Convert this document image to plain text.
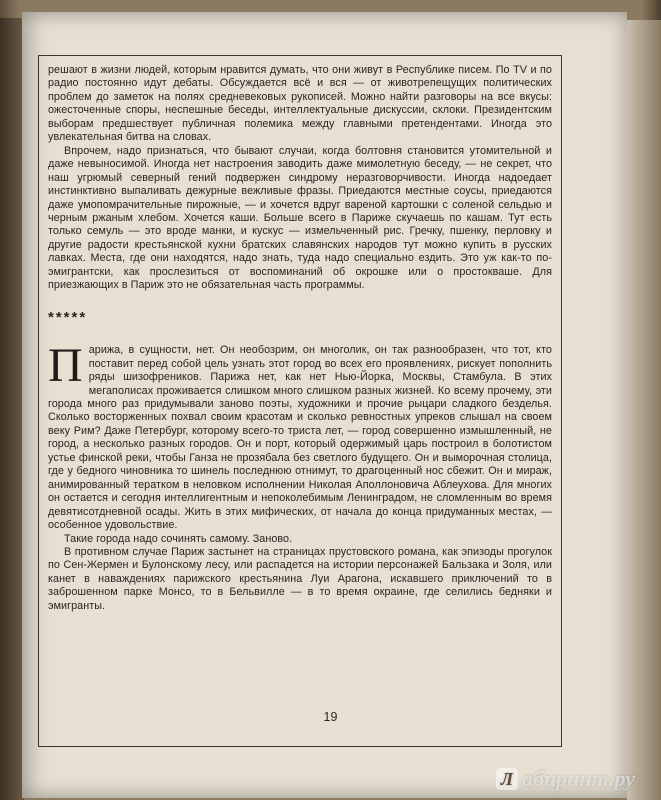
решают в жизни людей, которым нравится думать, что они живут в Республике писем. По TV и по радио постоянно идут дебаты. Обсуждается всё и вся — от животрепещущих политических проблем до заметок на полях средневековых рукописей. Можно найти разговоры на все вкусы: ожесточенные споры, неспешные беседы, интеллектуальные дискуссии, склоки. Президентским выборам предшествует публичная полемика между главными претендентами. Иногда это увлекательная битва на словах.

Впрочем, надо признаться, что бывают случаи, когда болтовня становится утомительной и даже невыносимой. Иногда нет настроения заводить даже мимолетную беседу, — не секрет, что наш угрюмый северный гений подвержен синдрому неразговорчивости. Иногда надоедает инстинктивно выпаливать дежурные вежливые фразы. Приедаются местные соусы, приедаются даже умопомрачительные пирожные, — и хочется вдруг вареной картошки с соленой сельдью и черным ржаным хлебом. Хочется каши. Больше всего в Париже скучаешь по кашам. Тут есть только семуль — это вроде манки, и кускус — измельченный рис. Гречку, пшенку, перловку и другие радости крестьянской кухни братских славянских народов тут можно купить в русских лавках. Места, где они находятся, надо знать, туда надо специально ездить. Это уж как-то по-эмигрантски, как прослезиться от воспоминаний об окрошке или о простокваше. Для приезжающих в Париж это не обязательная часть программы.

*****

Парижа, в сущности, нет. Он необозрим, он многолик, он так разнообразен, что тот, кто поставит перед собой цель узнать этот город во всех его проявлениях, рискует пополнить ряды шизофреников. Парижа нет, как нет Нью-Йорка, Москвы, Стамбула. В этих мегаполисах проживается слишком много слишком разных жизней. Ко всему прочему, эти города много раз придумывали заново поэты, художники и прочие рыцари сладкого безделья. Сколько восторженных похвал своим красотам и сколько ревностных упреков слышал на своем веку Рим? Даже Петербург, которому всего-то триста лет, — город совершенно измышленный, не город, а несколько разных городов. Он и порт, который одержимый царь построил в болотистом устье финской реки, чтобы Ганза не прозябала без светлого будущего. Он и выморочная столица, где у бедного чиновника то шинель последнюю отнимут, то драгоценный нос сбежит. Он и мираж, анимированный тератком в неловком исполнении Николая Аполлоновича Аблеухова. Для многих он остается и сегодня интеллигентным и непоколебимым Ленинградом, не сломленным во время девятисотдневной осады. Жить в этих мифических, от начала до конца придуманных местах, — особенное удовольствие.

Такие города надо сочинять самому. Заново.

В противном случае Париж застынет на страницах прустовского романа, как эпизоды прогулок по Сен-Жермен и Булонскому лесу, или распадется на истории персонажей Бальзака и Золя, или канет в наваждениях парижского крестьянина Луи Арагона, искавшего приключений то в заброшенном парке Монсо, то в Бельвилле — в то время окраине, где селились бедняки и эмигранты.

19
Л абиринт.ру
